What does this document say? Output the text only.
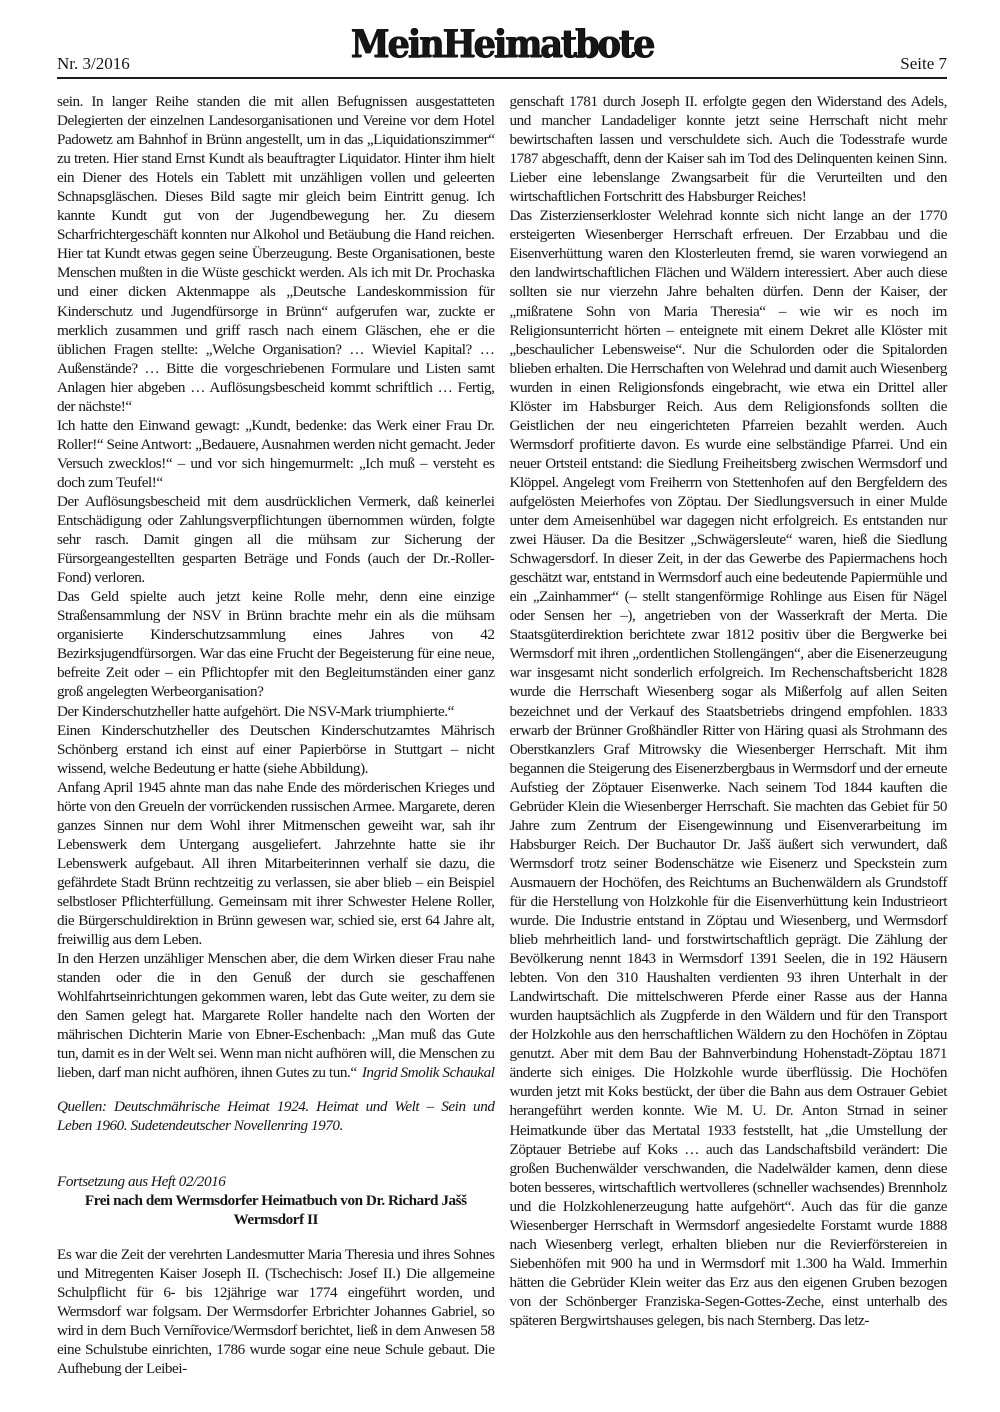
Nr. 3/2016	MeinHeimatbote	Seite 7

sein. In langer Reihe standen die mit allen Befugnissen ausgestatteten Delegierten der einzelnen Landesorganisationen und Vereine vor dem Hotel Padowetz am Bahnhof in Brünn angestellt, um in das „Liquidationszimmer“ zu treten. Hier stand Ernst Kundt als beauftragter Liquidator. Hinter ihm hielt ein Diener des Hotels ein Tablett mit unzähligen vollen und geleerten Schnapsgläschen. Dieses Bild sagte mir gleich beim Eintritt genug. Ich kannte Kundt gut von der Jugendbewegung her. Zu diesem Scharfrichtergeschäft konnten nur Alkohol und Betäubung die Hand reichen. Hier tat Kundt etwas gegen seine Überzeugung. Beste Organisationen, beste Menschen mußten in die Wüste geschickt werden. Als ich mit Dr. Prochaska und einer dicken Aktenmappe als „Deutsche Landeskommission für Kinderschutz und Jugendfürsorge in Brünn“ aufgerufen war, zuckte er merklich zusammen und griff rasch nach einem Gläschen, ehe er die üblichen Fragen stellte: „Welche Organisation? … Wieviel Kapital? … Außenstände? … Bitte die vorgeschriebenen Formulare und Listen samt Anlagen hier abgeben … Auflösungsbescheid kommt schriftlich … Fertig, der nächste!“

Ich hatte den Einwand gewagt: „Kundt, bedenke: das Werk einer Frau Dr. Roller!“ Seine Antwort: „Bedauere, Ausnahmen werden nicht gemacht. Jeder Versuch zwecklos!“ – und vor sich hingemurmelt: „Ich muß – versteht es doch zum Teufel!“

Der Auflösungsbescheid mit dem ausdrücklichen Vermerk, daß keinerlei Entschädigung oder Zahlungsverpflichtungen übernommen würden, folgte sehr rasch. Damit gingen all die mühsam zur Sicherung der Fürsorgeangestellten gesparten Beträge und Fonds (auch der Dr.-Roller-Fond) verloren.

Das Geld spielte auch jetzt keine Rolle mehr, denn eine einzige Straßensammlung der NSV in Brünn brachte mehr ein als die mühsam organisierte Kinderschutzsammlung eines Jahres von 42 Bezirksjugendfürsorgen. War das eine Frucht der Begeisterung für eine neue, befreite Zeit oder – ein Pflichtopfer mit den Begleitumständen einer ganz groß angelegten Werbeorganisation?

Der Kinderschutzheller hatte aufgehört. Die NSV-Mark triumphierte.“

Einen Kinderschutzheller des Deutschen Kinderschutzamtes Mährisch Schönberg erstand ich einst auf einer Papierbörse in Stuttgart – nicht wissend, welche Bedeutung er hatte (siehe Abbildung).

Anfang April 1945 ahnte man das nahe Ende des mörderischen Krieges und hörte von den Greueln der vorrückenden russischen Armee. Margarete, deren ganzes Sinnen nur dem Wohl ihrer Mitmenschen geweiht war, sah ihr Lebenswerk dem Untergang ausgeliefert. Jahrzehnte hatte sie ihr Lebenswerk aufgebaut. All ihren Mitarbeiterinnen verhalf sie dazu, die gefährdete Stadt Brünn rechtzeitig zu verlassen, sie aber blieb – ein Beispiel selbstloser Pflichterfüllung. Gemeinsam mit ihrer Schwester Helene Roller, die Bürgerschuldirektion in Brünn gewesen war, schied sie, erst 64 Jahre alt, freiwillig aus dem Leben.

In den Herzen unzähliger Menschen aber, die dem Wirken dieser Frau nahe standen oder die in den Genuß der durch sie geschaffenen Wohlfahrtseinrichtungen gekommen waren, lebt das Gute weiter, zu dem sie den Samen gelegt hat. Margarete Roller handelte nach den Worten der mährischen Dichterin Marie von Ebner-Eschenbach: „Man muß das Gute tun, damit es in der Welt sei. Wenn man nicht aufhören will, die Menschen zu lieben, darf man nicht aufhören, ihnen Gutes zu tun.“ Ingrid Smolik Schaukal

Quellen: Deutschmährische Heimat 1924. Heimat und Welt – Sein und Leben 1960. Sudetendeutscher Novellenring 1970.

Fortsetzung aus Heft 02/2016

Frei nach dem Wermsdorfer Heimatbuch von Dr. Richard Jašš
Wermsdorf II

Es war die Zeit der verehrten Landesmutter Maria Theresia und ihres Sohnes und Mitregenten Kaiser Joseph II. (Tschechisch: Josef II.) Die allgemeine Schulpflicht für 6- bis 12jährige war 1774 eingeführt worden, und Wermsdorf war folgsam. Der Wermsdorfer Erbrichter Johannes Gabriel, so wird in dem Buch Vernířovice/Wermsdorf berichtet, ließ in dem Anwesen 58 eine Schulstube einrichten, 1786 wurde sogar eine neue Schule gebaut. Die Aufhebung der Leibei-

genschaft 1781 durch Joseph II. erfolgte gegen den Widerstand des Adels, und mancher Landadeliger konnte jetzt seine Herrschaft nicht mehr bewirtschaften lassen und verschuldete sich. Auch die Todesstrafe wurde 1787 abgeschafft, denn der Kaiser sah im Tod des Delinquenten keinen Sinn. Lieber eine lebenslange Zwangsarbeit für die Verurteilten und den wirtschaftlichen Fortschritt des Habsburger Reiches!

Das Zisterzienserkloster Welehrad konnte sich nicht lange an der 1770 ersteigerten Wiesenberger Herrschaft erfreuen. Der Erzabbau und die Eisenverhüttung waren den Klosterleuten fremd, sie waren vorwiegend an den landwirtschaftlichen Flächen und Wäldern interessiert. Aber auch diese sollten sie nur vierzehn Jahre behalten dürfen. Denn der Kaiser, der „mißratene Sohn von Maria Theresia“ – wie wir es noch im Religionsunterricht hörten – enteignete mit einem Dekret alle Klöster mit „beschaulicher Lebensweise“. Nur die Schulorden oder die Spitalorden blieben erhalten. Die Herrschaften von Welehrad und damit auch Wiesenberg wurden in einen Religionsfonds eingebracht, wie etwa ein Drittel aller Klöster im Habsburger Reich. Aus dem Religionsfonds sollten die Geistlichen der neu eingerichteten Pfarreien bezahlt werden. Auch Wermsdorf profitierte davon. Es wurde eine selbständige Pfarrei. Und ein neuer Ortsteil entstand: die Siedlung Freiheitsberg zwischen Wermsdorf und Klöppel. Angelegt vom Freiherrn von Stettenhofen auf den Bergfeldern des aufgelösten Meierhofes von Zöptau. Der Siedlungsversuch in einer Mulde unter dem Ameisenhübel war dagegen nicht erfolgreich. Es entstanden nur zwei Häuser. Da die Besitzer „Schwägersleute“ waren, hieß die Siedlung Schwagersdorf. In dieser Zeit, in der das Gewerbe des Papiermachens hoch geschätzt war, entstand in Wermsdorf auch eine bedeutende Papiermühle und ein „Zainhammer“ (– stellt stangenförmige Rohlinge aus Eisen für Nägel oder Sensen her –), angetrieben von der Wasserkraft der Merta. Die Staatsgüterdirektion berichtete zwar 1812 positiv über die Bergwerke bei Wermsdorf mit ihren „ordentlichen Stollengängen“, aber die Eisenerzeugung war insgesamt nicht sonderlich erfolgreich. Im Rechenschaftsbericht 1828 wurde die Herrschaft Wiesenberg sogar als Mißerfolg auf allen Seiten bezeichnet und der Verkauf des Staatsbetriebs dringend empfohlen. 1833 erwarb der Brünner Großhändler Ritter von Häring quasi als Strohmann des Oberstkanzlers Graf Mitrowsky die Wiesenberger Herrschaft. Mit ihm begannen die Steigerung des Eisenerzbergbaus in Wermsdorf und der erneute Aufstieg der Zöptauer Eisenwerke. Nach seinem Tod 1844 kauften die Gebrüder Klein die Wiesenberger Herrschaft. Sie machten das Gebiet für 50 Jahre zum Zentrum der Eisengewinnung und Eisenverarbeitung im Habsburger Reich. Der Buchautor Dr. Jašš äußert sich verwundert, daß Wermsdorf trotz seiner Bodenschätze wie Eisenerz und Speckstein zum Ausmauern der Hochöfen, des Reichtums an Buchenwäldern als Grundstoff für die Herstellung von Holzkohle für die Eisenverhüttung kein Industrieort wurde. Die Industrie entstand in Zöptau und Wiesenberg, und Wermsdorf blieb mehrheitlich land- und forstwirtschaftlich geprägt. Die Zählung der Bevölkerung nennt 1843 in Wermsdorf 1391 Seelen, die in 192 Häusern lebten. Von den 310 Haushalten verdienten 93 ihren Unterhalt in der Landwirtschaft. Die mittelschweren Pferde einer Rasse aus der Hanna wurden hauptsächlich als Zugpferde in den Wäldern und für den Transport der Holzkohle aus den herrschaftlichen Wäldern zu den Hochöfen in Zöptau genutzt. Aber mit dem Bau der Bahnverbindung Hohenstadt-Zöptau 1871 änderte sich einiges. Die Holzkohle wurde überflüssig. Die Hochöfen wurden jetzt mit Koks bestückt, der über die Bahn aus dem Ostrauer Gebiet herangeführt werden konnte. Wie M. U. Dr. Anton Strnad in seiner Heimatkunde über das Mertatal 1933 feststellt, hat „die Umstellung der Zöptauer Betriebe auf Koks … auch das Landschaftsbild verändert: Die großen Buchenwälder verschwanden, die Nadelwälder kamen, denn diese boten besseres, wirtschaftlich wertvolleres (schneller wachsendes) Brennholz und die Holzkohlenerzeugung hatte aufgehört“. Auch das für die ganze Wiesenberger Herrschaft in Wermsdorf angesiedelte Forstamt wurde 1888 nach Wiesenberg verlegt, erhalten blieben nur die Revierförstereien in Siebenhöfen mit 900 ha und in Wermsdorf mit 1.300 ha Wald. Immerhin hätten die Gebrüder Klein weiter das Erz aus den eigenen Gruben bezogen von der Schönberger Franziska-Segen-Gottes-Zeche, einst unterhalb des späteren Bergwirtshauses gelegen, bis nach Sternberg. Das letz-
